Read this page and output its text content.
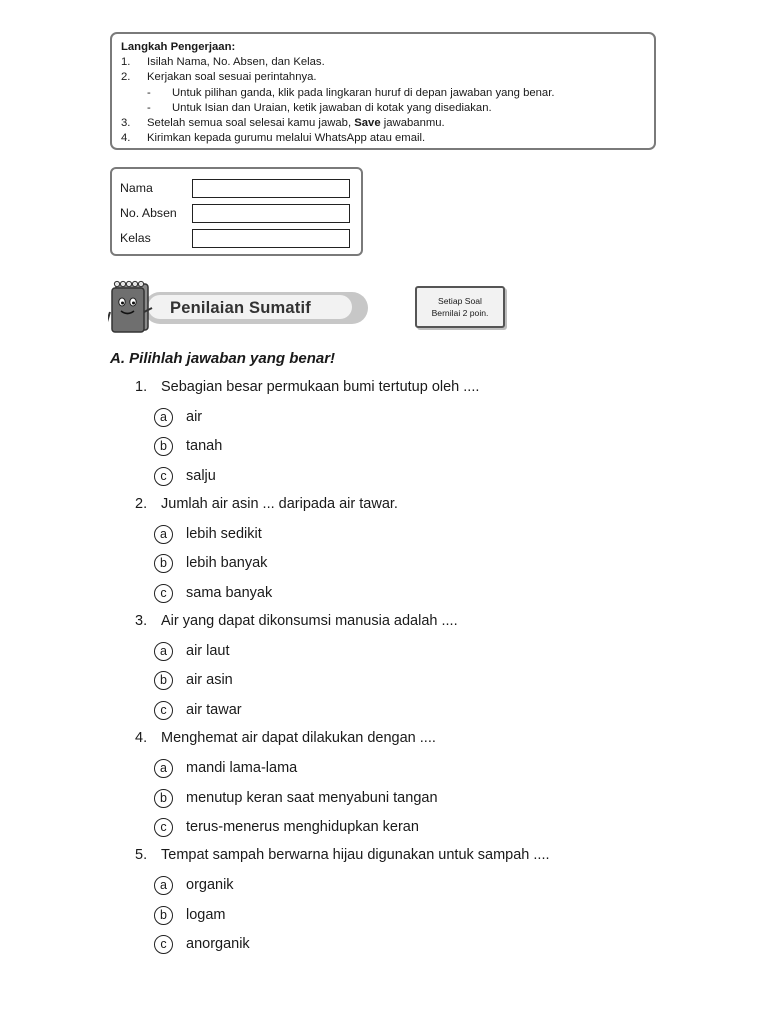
Langkah Pengerjaan:
1.	Isilah Nama, No. Absen, dan Kelas.
2.	Kerjakan soal sesuai perintahnya.
-	Untuk pilihan ganda, klik pada lingkaran huruf di depan jawaban yang benar.
-	Untuk Isian dan Uraian, ketik jawaban di kotak yang disediakan.
3.	Setelah semua soal selesai kamu jawab, Save jawabanmu.
4.	Kirimkan kepada gurumu melalui WhatsApp atau email.
Nama
No. Absen
Kelas
Penilaian Sumatif	Setiap Soal
Bernilai 2 poin.
A. Pilihlah jawaban yang benar!
1. Sebagian besar permukaan bumi tertutup oleh ....
a	air
b	tanah
c	salju
2. Jumlah air asin ... daripada air tawar.
a	lebih sedikit
b	lebih banyak
c	sama banyak
3. Air yang dapat dikonsumsi manusia adalah ....
a	air laut
b	air asin
c	air tawar
4. Menghemat air dapat dilakukan dengan ....
a	mandi lama-lama
b	menutup keran saat menyabuni tangan
c	terus-menerus menghidupkan keran
5. Tempat sampah berwarna hijau digunakan untuk sampah ....
a	organik
b	logam
c	anorganik
